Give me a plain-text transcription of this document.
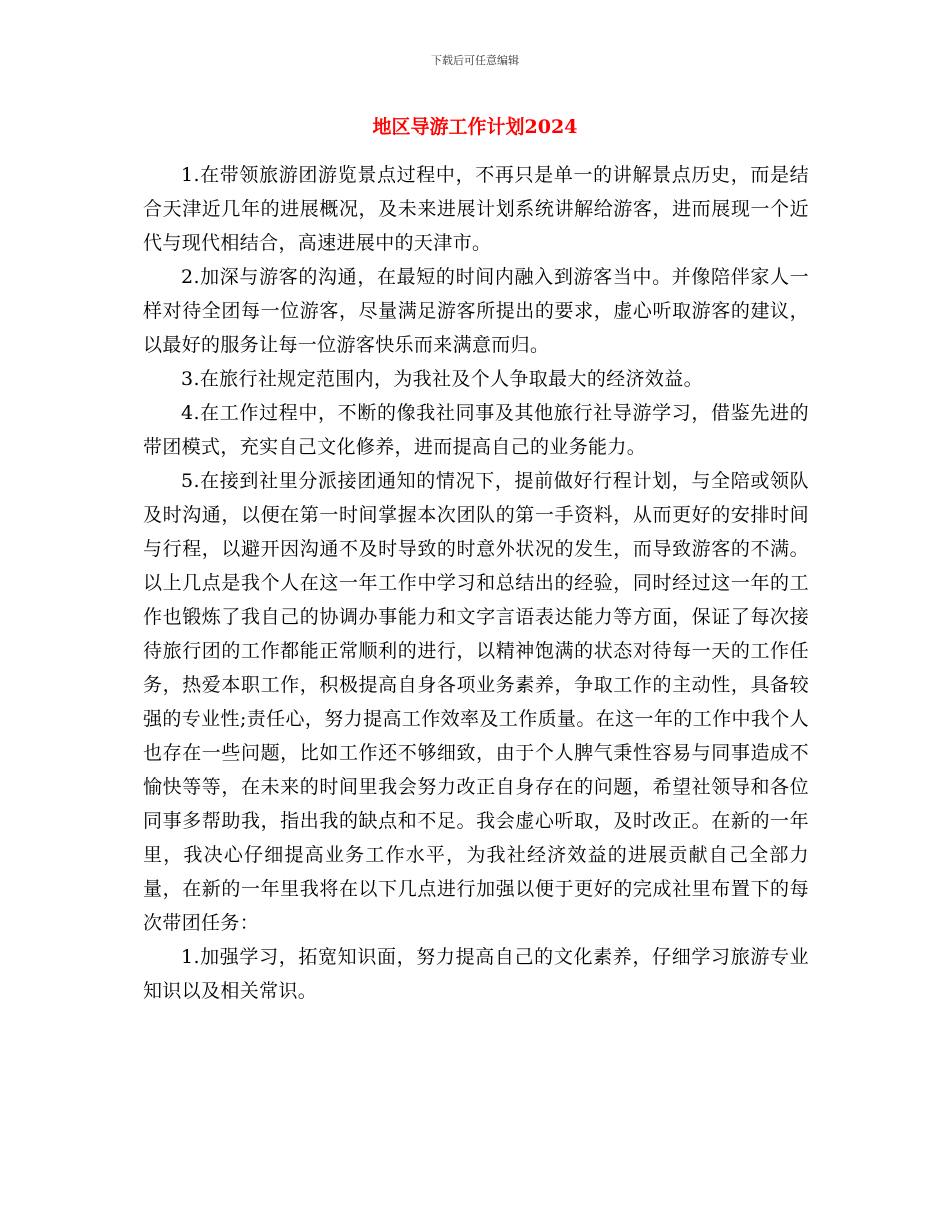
下载后可任意编辑
地区导游工作计划2024

1.在带领旅游团游览景点过程中，不再只是单一的讲解景点历史，而是结合天津近几年的进展概况，及未来进展计划系统讲解给游客，进而展现一个近代与现代相结合，高速进展中的天津市。

2.加深与游客的沟通，在最短的时间内融入到游客当中。并像陪伴家人一样对待全团每一位游客，尽量满足游客所提出的要求，虚心听取游客的建议，以最好的服务让每一位游客快乐而来满意而归。

3.在旅行社规定范围内，为我社及个人争取最大的经济效益。

4.在工作过程中，不断的像我社同事及其他旅行社导游学习，借鉴先进的带团模式，充实自己文化修养，进而提高自己的业务能力。

5.在接到社里分派接团通知的情况下，提前做好行程计划，与全陪或领队及时沟通，以便在第一时间掌握本次团队的第一手资料，从而更好的安排时间与行程，以避开因沟通不及时导致的时意外状况的发生，而导致游客的不满。以上几点是我个人在这一年工作中学习和总结出的经验，同时经过这一年的工作也锻炼了我自己的协调办事能力和文字言语表达能力等方面，保证了每次接待旅行团的工作都能正常顺利的进行，以精神饱满的状态对待每一天的工作任务，热爱本职工作，积极提高自身各项业务素养，争取工作的主动性，具备较强的专业性;责任心，努力提高工作效率及工作质量。在这一年的工作中我个人也存在一些问题，比如工作还不够细致，由于个人脾气秉性容易与同事造成不愉快等等，在未来的时间里我会努力改正自身存在的问题，希望社领导和各位同事多帮助我，指出我的缺点和不足。我会虚心听取，及时改正。在新的一年里，我决心仔细提高业务工作水平，为我社经济效益的进展贡献自己全部力量，在新的一年里我将在以下几点进行加强以便于更好的完成社里布置下的每次带团任务：

1.加强学习，拓宽知识面，努力提高自己的文化素养，仔细学习旅游专业知识以及相关常识。
